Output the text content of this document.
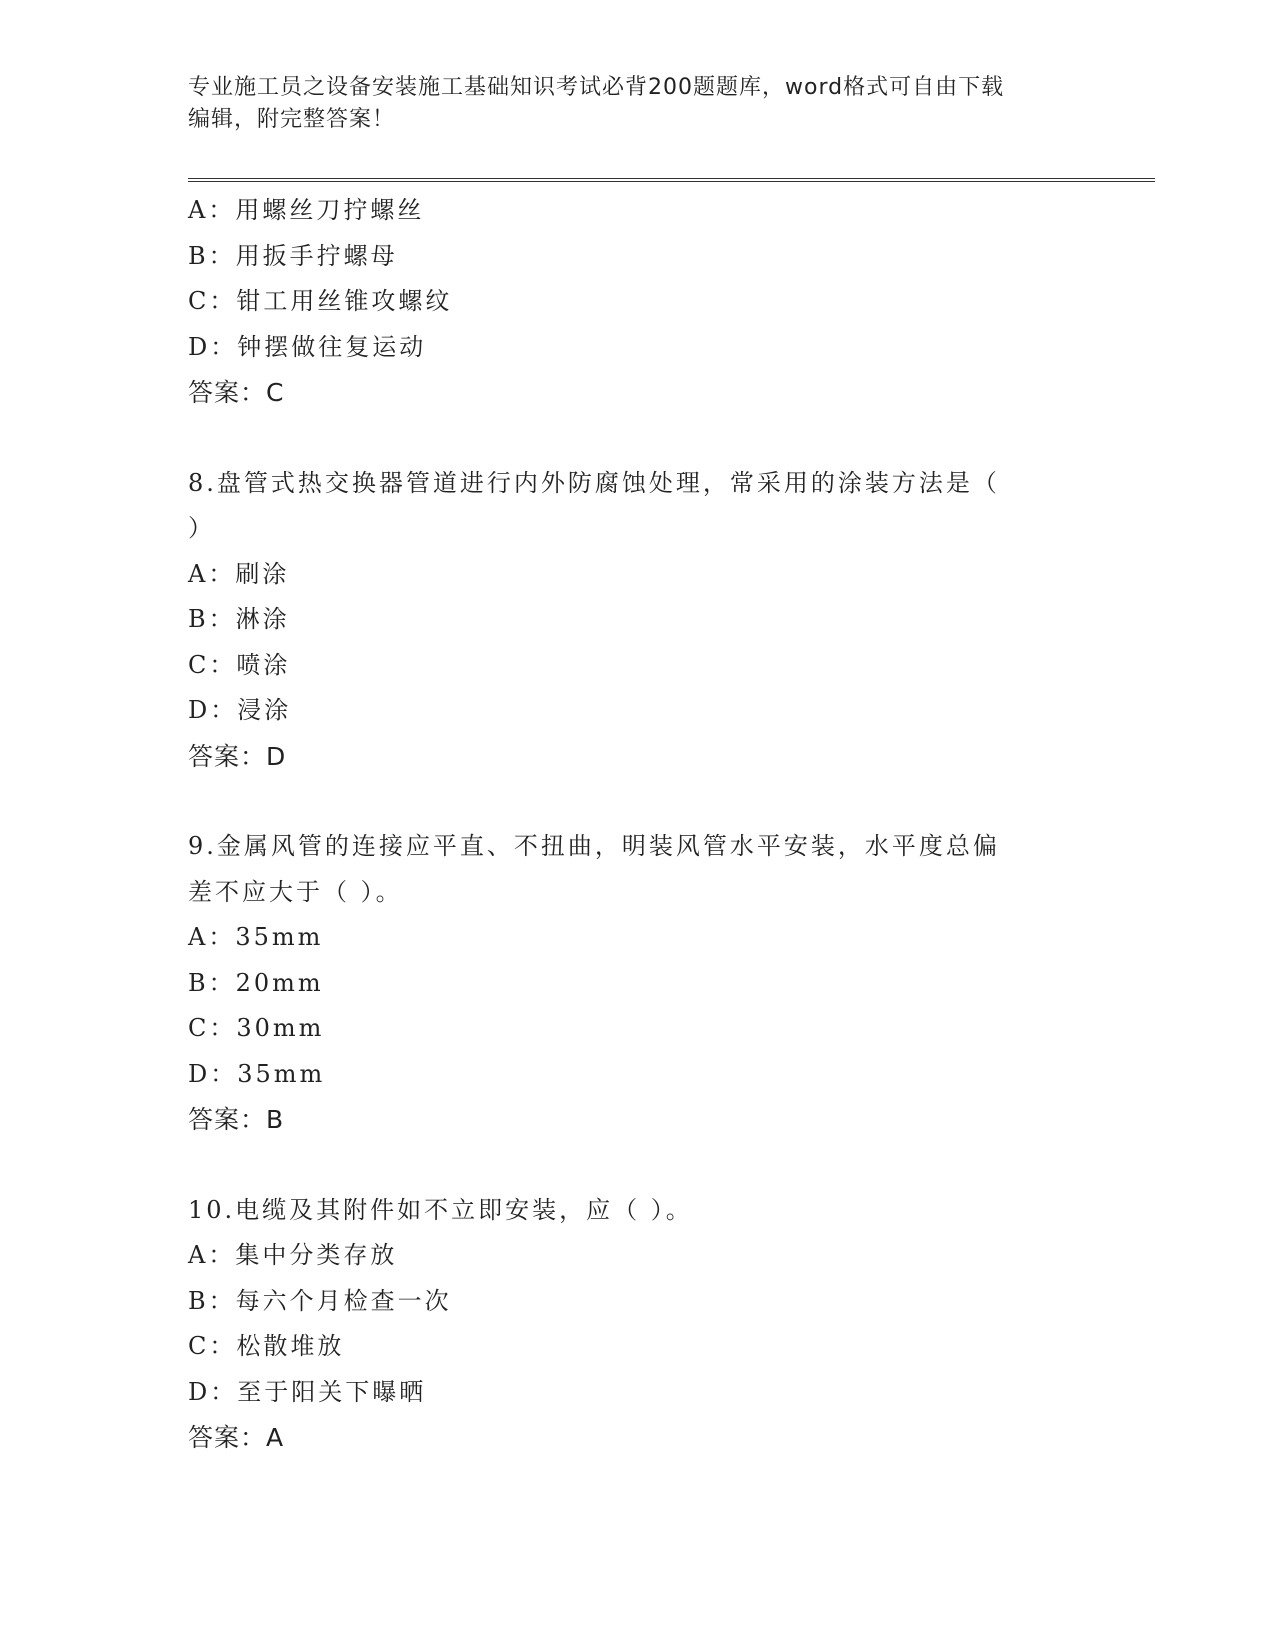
专业施工员之设备安装施工基础知识考试必背200题题库，word格式可自由下载
编辑，附完整答案！
A：用螺丝刀拧螺丝
B：用扳手拧螺母
C：钳工用丝锥攻螺纹
D：钟摆做往复运动
答案：C
8.盘管式热交换器管道进行内外防腐蚀处理，常采用的涂装方法是（
）
A：刷涂
B：淋涂
C：喷涂
D：浸涂
答案：D
9.金属风管的连接应平直、不扭曲，明装风管水平安装，水平度总偏
差不应大于（ ）。
A：35mm
B：20mm
C：30mm
D：35mm
答案：B
10.电缆及其附件如不立即安装，应（ ）。
A：集中分类存放
B：每六个月检查一次
C：松散堆放
D：至于阳关下曝晒
答案：A
